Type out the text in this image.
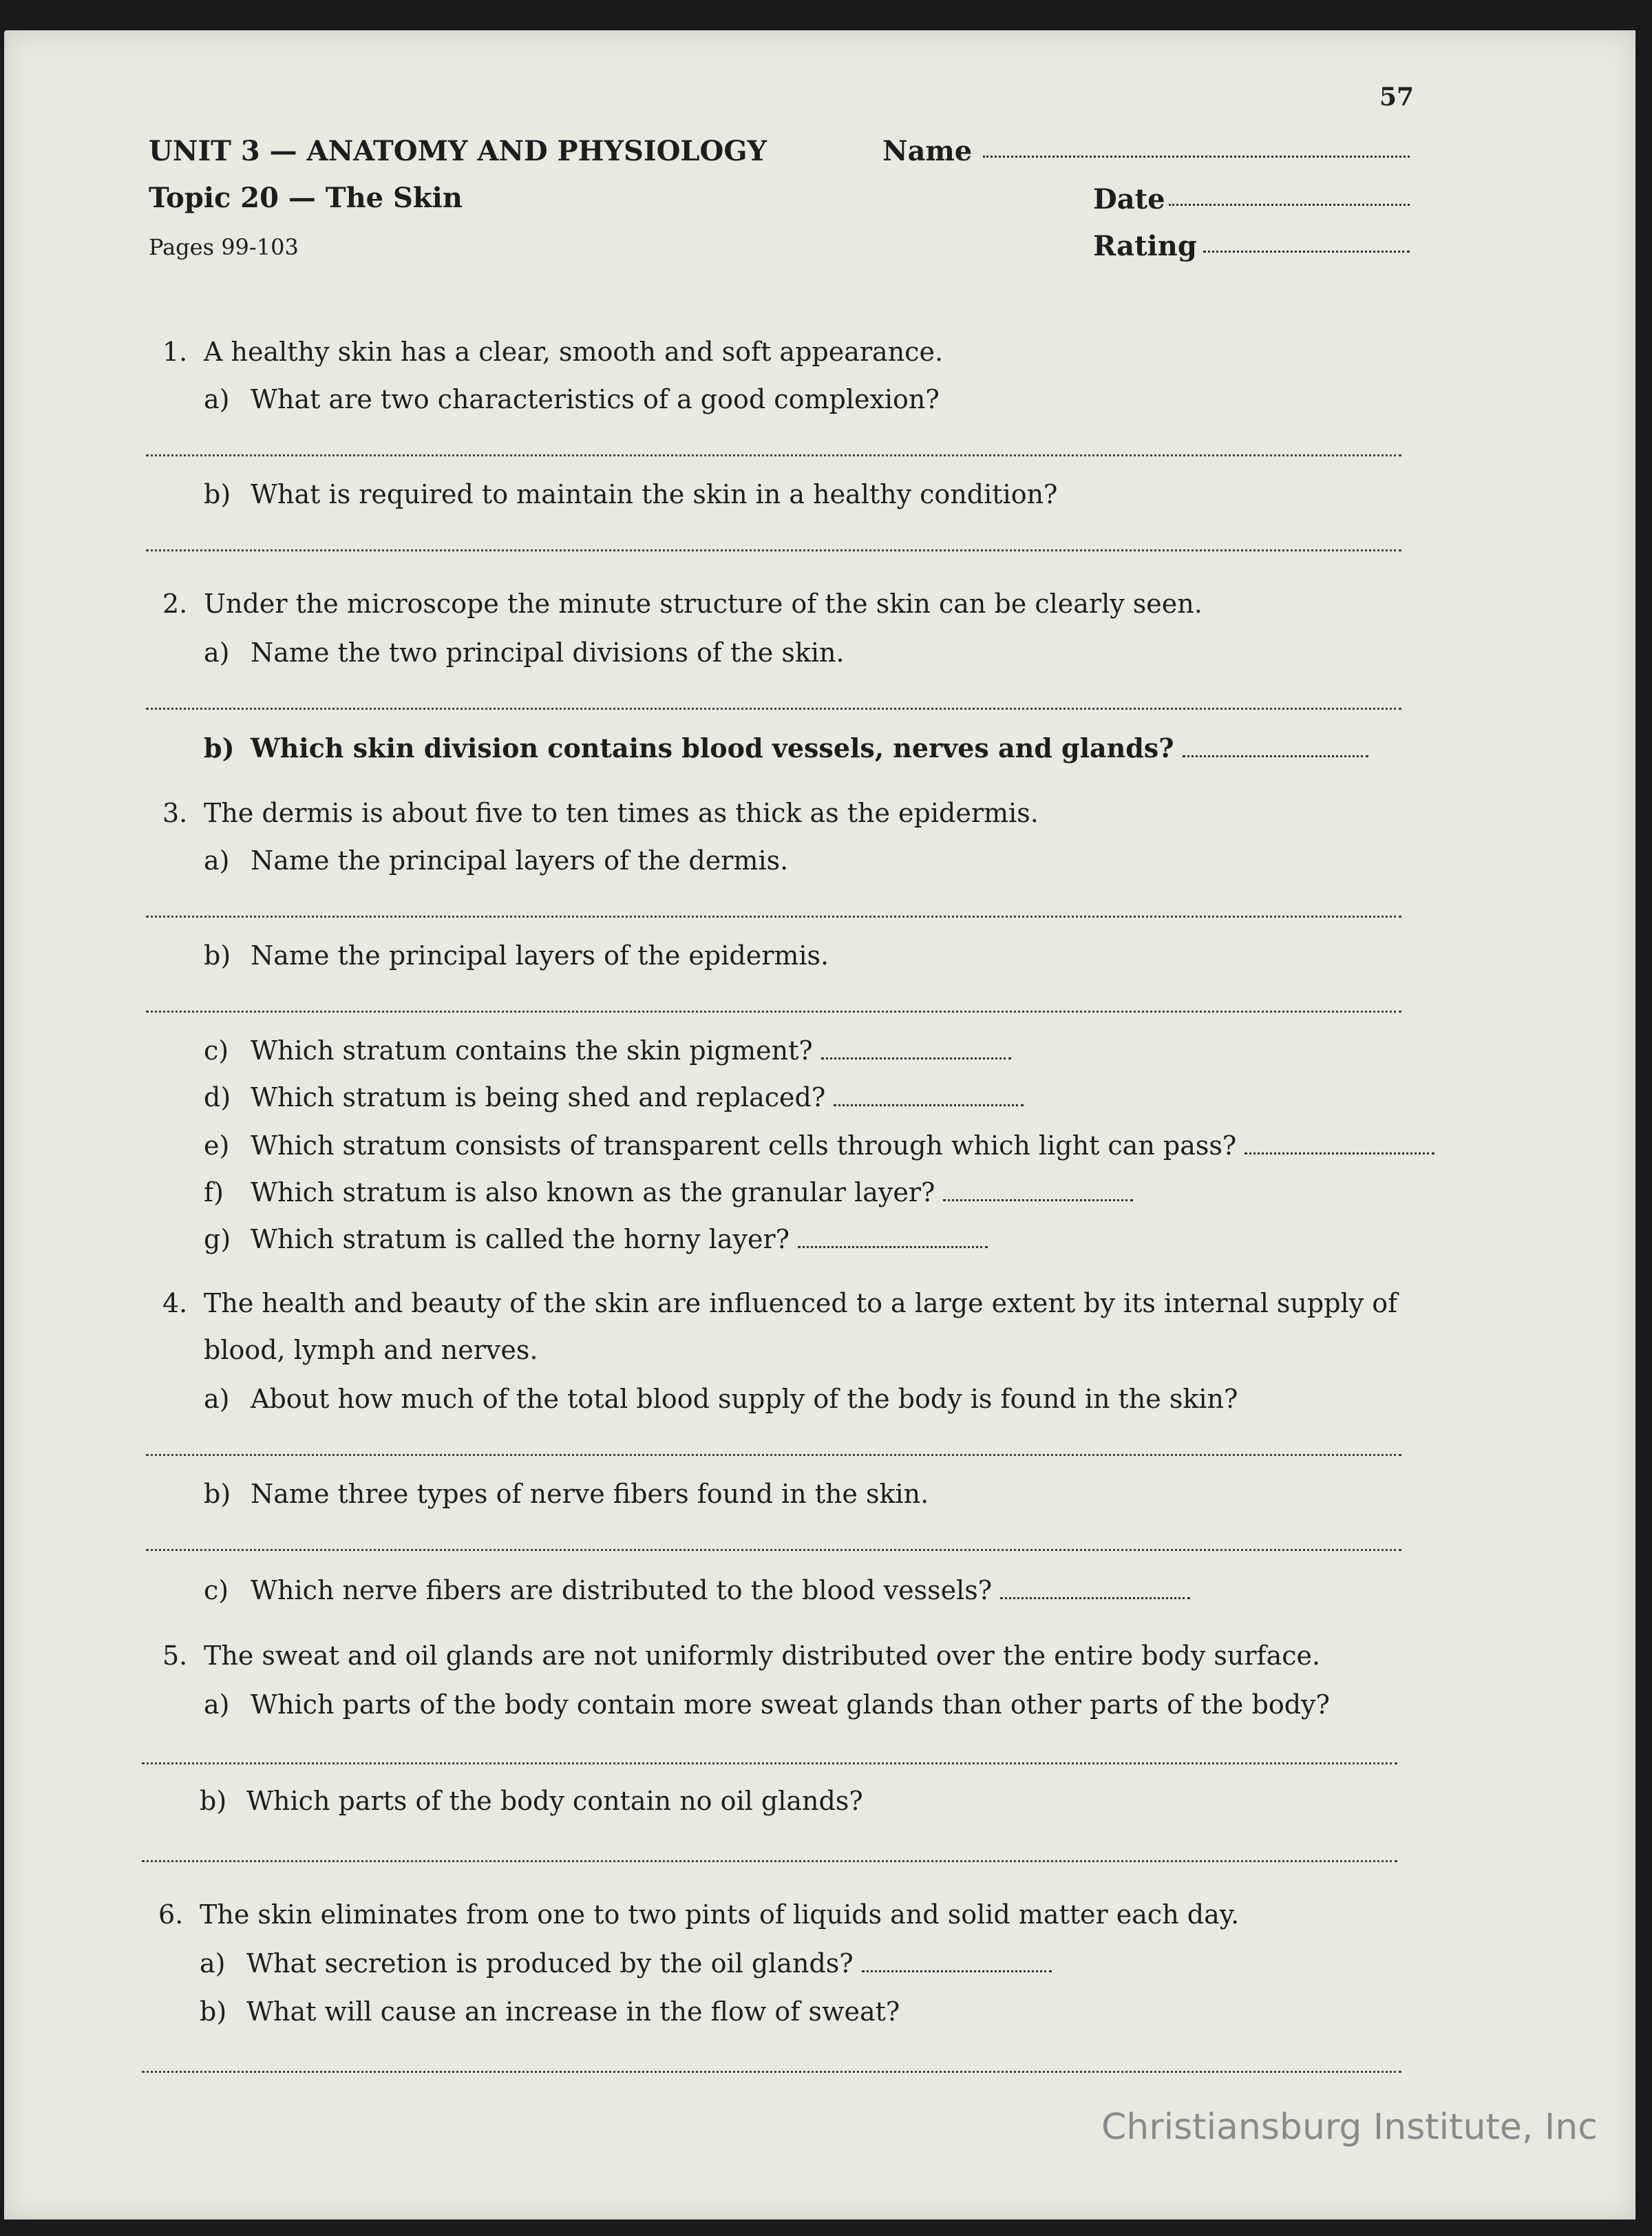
57
UNIT 3 — ANATOMY AND PHYSIOLOGY
Topic 20 — The Skin
Pages 99-103
Name
Date
Rating
1. A healthy skin has a clear, smooth and soft appearance.
a) What are two characteristics of a good complexion?
b) What is required to maintain the skin in a healthy condition?
2. Under the microscope the minute structure of the skin can be clearly seen.
a) Name the two principal divisions of the skin.
b) Which skin division contains blood vessels, nerves and glands?
3. The dermis is about five to ten times as thick as the epidermis.
a) Name the principal layers of the dermis.
b) Name the principal layers of the epidermis.
c) Which stratum contains the skin pigment?
d) Which stratum is being shed and replaced?
e) Which stratum consists of transparent cells through which light can pass?
f) Which stratum is also known as the granular layer?
g) Which stratum is called the horny layer?
4. The health and beauty of the skin are influenced to a large extent by its internal supply of
blood, lymph and nerves.
a) About how much of the total blood supply of the body is found in the skin?
b) Name three types of nerve fibers found in the skin.
c) Which nerve fibers are distributed to the blood vessels?
5. The sweat and oil glands are not uniformly distributed over the entire body surface.
a) Which parts of the body contain more sweat glands than other parts of the body?
b) Which parts of the body contain no oil glands?
6. The skin eliminates from one to two pints of liquids and solid matter each day.
a) What secretion is produced by the oil glands?
b) What will cause an increase in the flow of sweat?
Christiansburg Institute, Inc
